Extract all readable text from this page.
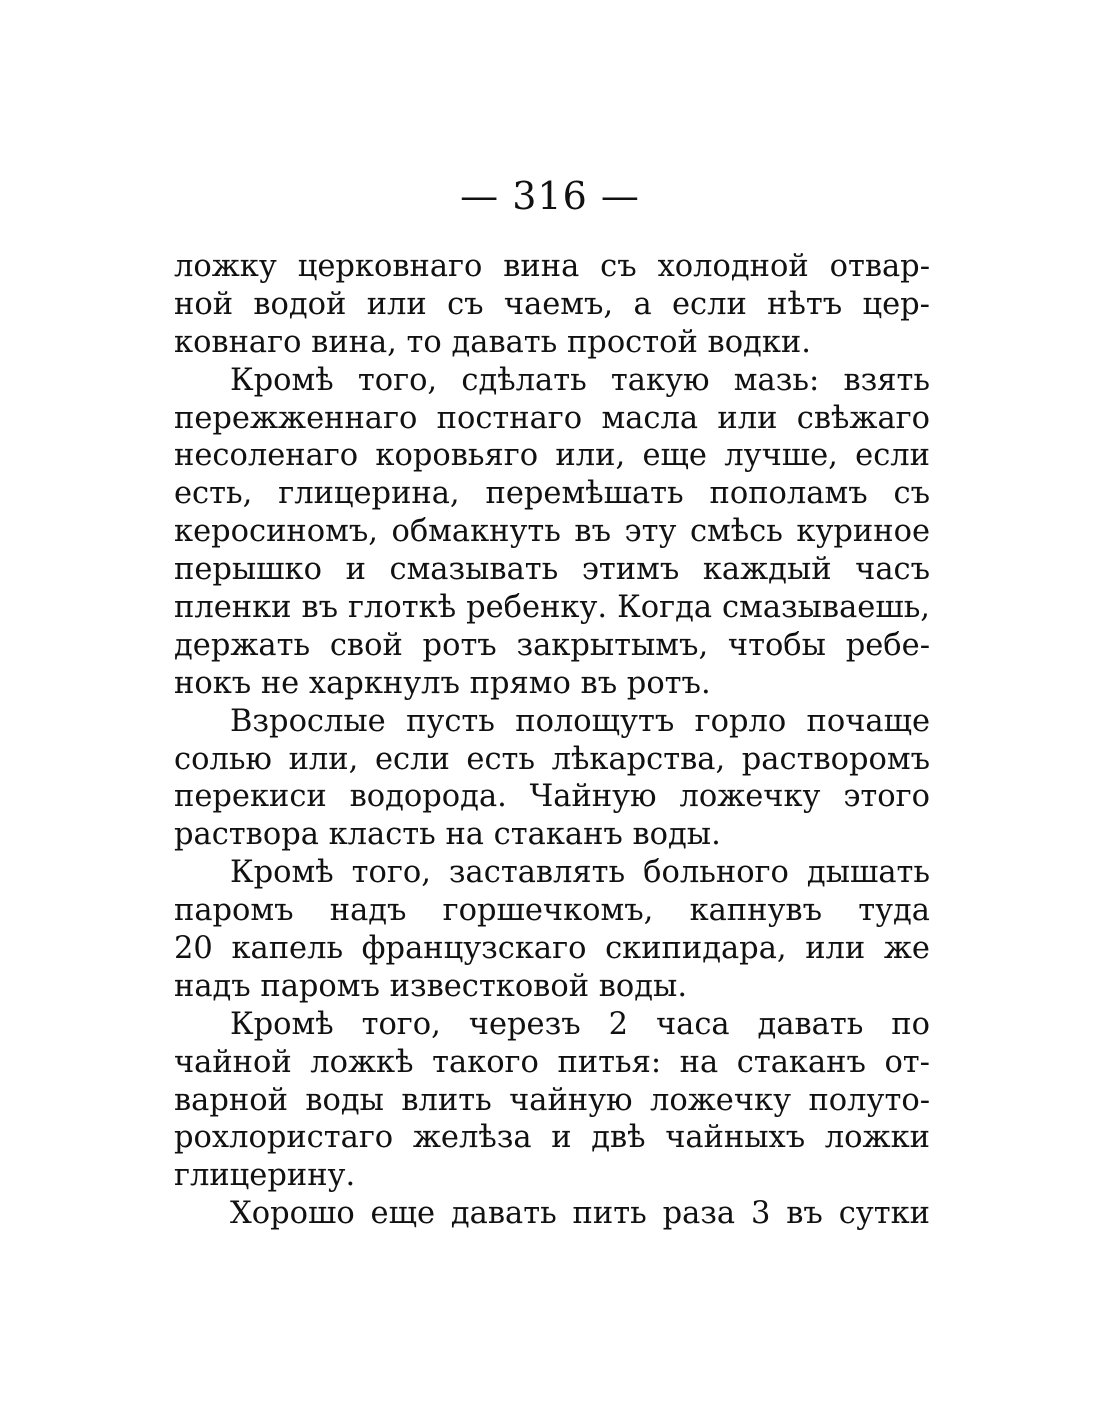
— 316 —
ложку церковнаго вина съ холодной отвар-
ной водой или съ чаемъ, а если нѣтъ цер-
ковнаго вина, то давать простой водки.
Кромѣ того, сдѣлать такую мазь: взять
пережженнаго постнаго масла или свѣжаго
несоленаго коровьяго или, еще лучше, если
есть, глицерина, перемѣшать пополамъ съ
керосиномъ, обмакнуть въ эту смѣсь куриное
перышко и смазывать этимъ каждый часъ
пленки въ глоткѣ ребенку. Когда смазываешь,
держать свой ротъ закрытымъ, чтобы ребе-
нокъ не харкнулъ прямо въ ротъ.
Взрослые пусть полощутъ горло почаще
солью или, если есть лѣкарства, растворомъ
перекиси водорода. Чайную ложечку этого
раствора класть на стаканъ воды.
Кромѣ того, заставлять больного дышать
паромъ надъ горшечкомъ, капнувъ туда
20 капель французскаго скипидара, или же
надъ паромъ известковой воды.
Кромѣ того, черезъ 2 часа давать по
чайной ложкѣ такого питья: на стаканъ от-
варной воды влить чайную ложечку полуто-
рохлористаго желѣза и двѣ чайныхъ ложки
глицерину.
Хорошо еще давать пить раза 3 въ сутки
